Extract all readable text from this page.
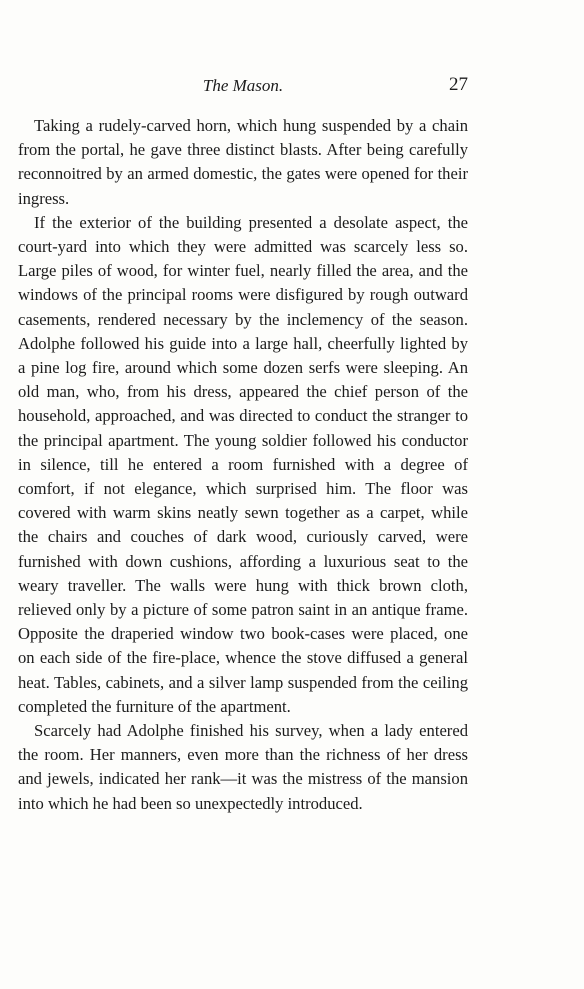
The Mason.	27

Taking a rudely-carved horn, which hung suspended by a chain from the portal, he gave three distinct blasts. After being carefully reconnoitred by an armed domestic, the gates were opened for their ingress.

If the exterior of the building presented a desolate aspect, the court-yard into which they were admitted was scarcely less so. Large piles of wood, for winter fuel, nearly filled the area, and the windows of the principal rooms were disfigured by rough outward casements, rendered necessary by the inclemency of the season. Adolphe followed his guide into a large hall, cheerfully lighted by a pine log fire, around which some dozen serfs were sleeping. An old man, who, from his dress, appeared the chief person of the household, approached, and was directed to conduct the stranger to the principal apartment. The young soldier followed his conductor in silence, till he entered a room furnished with a degree of comfort, if not elegance, which surprised him. The floor was covered with warm skins neatly sewn together as a carpet, while the chairs and couches of dark wood, curiously carved, were furnished with down cushions, affording a luxurious seat to the weary traveller. The walls were hung with thick brown cloth, relieved only by a picture of some patron saint in an antique frame. Opposite the draperied window two book-cases were placed, one on each side of the fire-place, whence the stove diffused a general heat. Tables, cabinets, and a silver lamp suspended from the ceiling completed the furniture of the apartment.

Scarcely had Adolphe finished his survey, when a lady entered the room. Her manners, even more than the richness of her dress and jewels, indicated her rank—it was the mistress of the mansion into which he had been so unexpectedly introduced.
